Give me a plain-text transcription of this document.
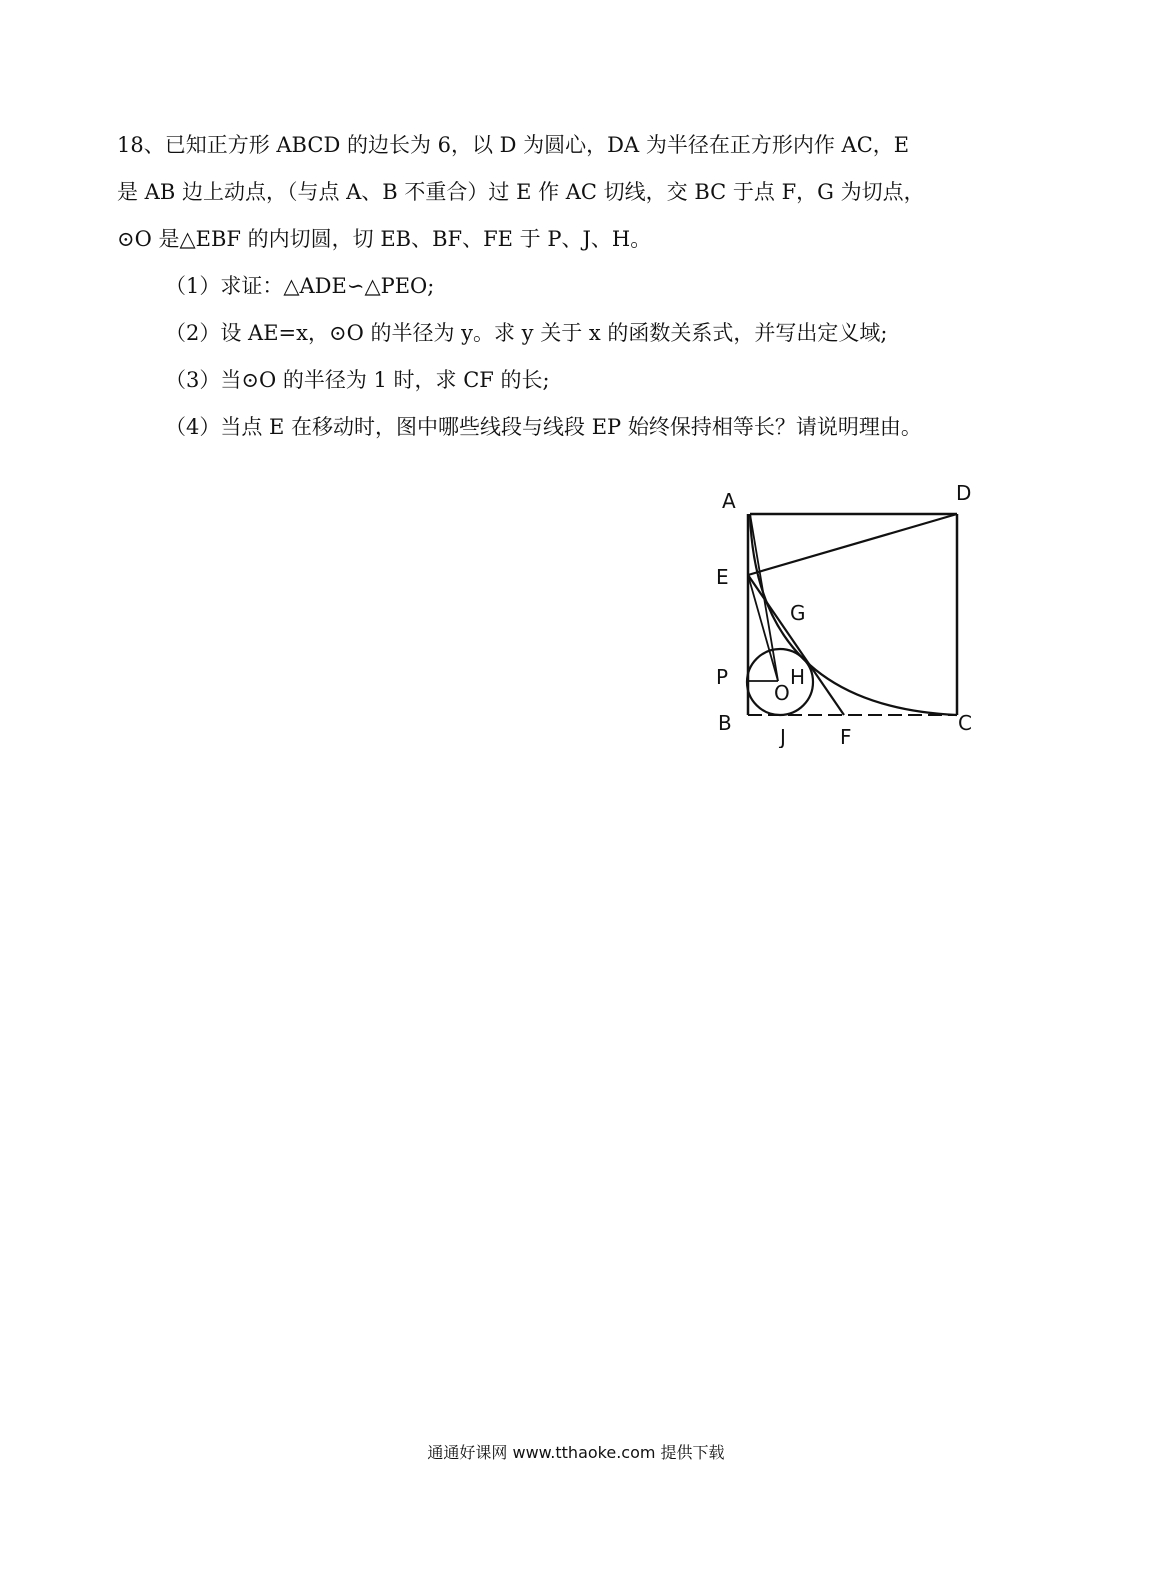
18、已知正方形 ABCD 的边长为 6，以 D 为圆心，DA 为半径在正方形内作 AC，E

是 AB 边上动点，（与点 A、B 不重合）过 E 作 AC 切线，交 BC 于点 F，G 为切点，

⊙O 是△EBF 的内切圆，切 EB、BF、FE 于 P、J、H。

（1）求证：△ADE∽△PEO;

（2）设 AE=x，⊙O 的半径为 y。求 y 关于 x 的函数关系式，并写出定义域;

（3）当⊙O 的半径为 1 时，求 CF 的长;

（4）当点 E 在移动时，图中哪些线段与线段 EP 始终保持相等长？请说明理由。

A	D
E
G
P	H
O
B
J	F
C
通通好课网 www.tthaoke.com 提供下载
